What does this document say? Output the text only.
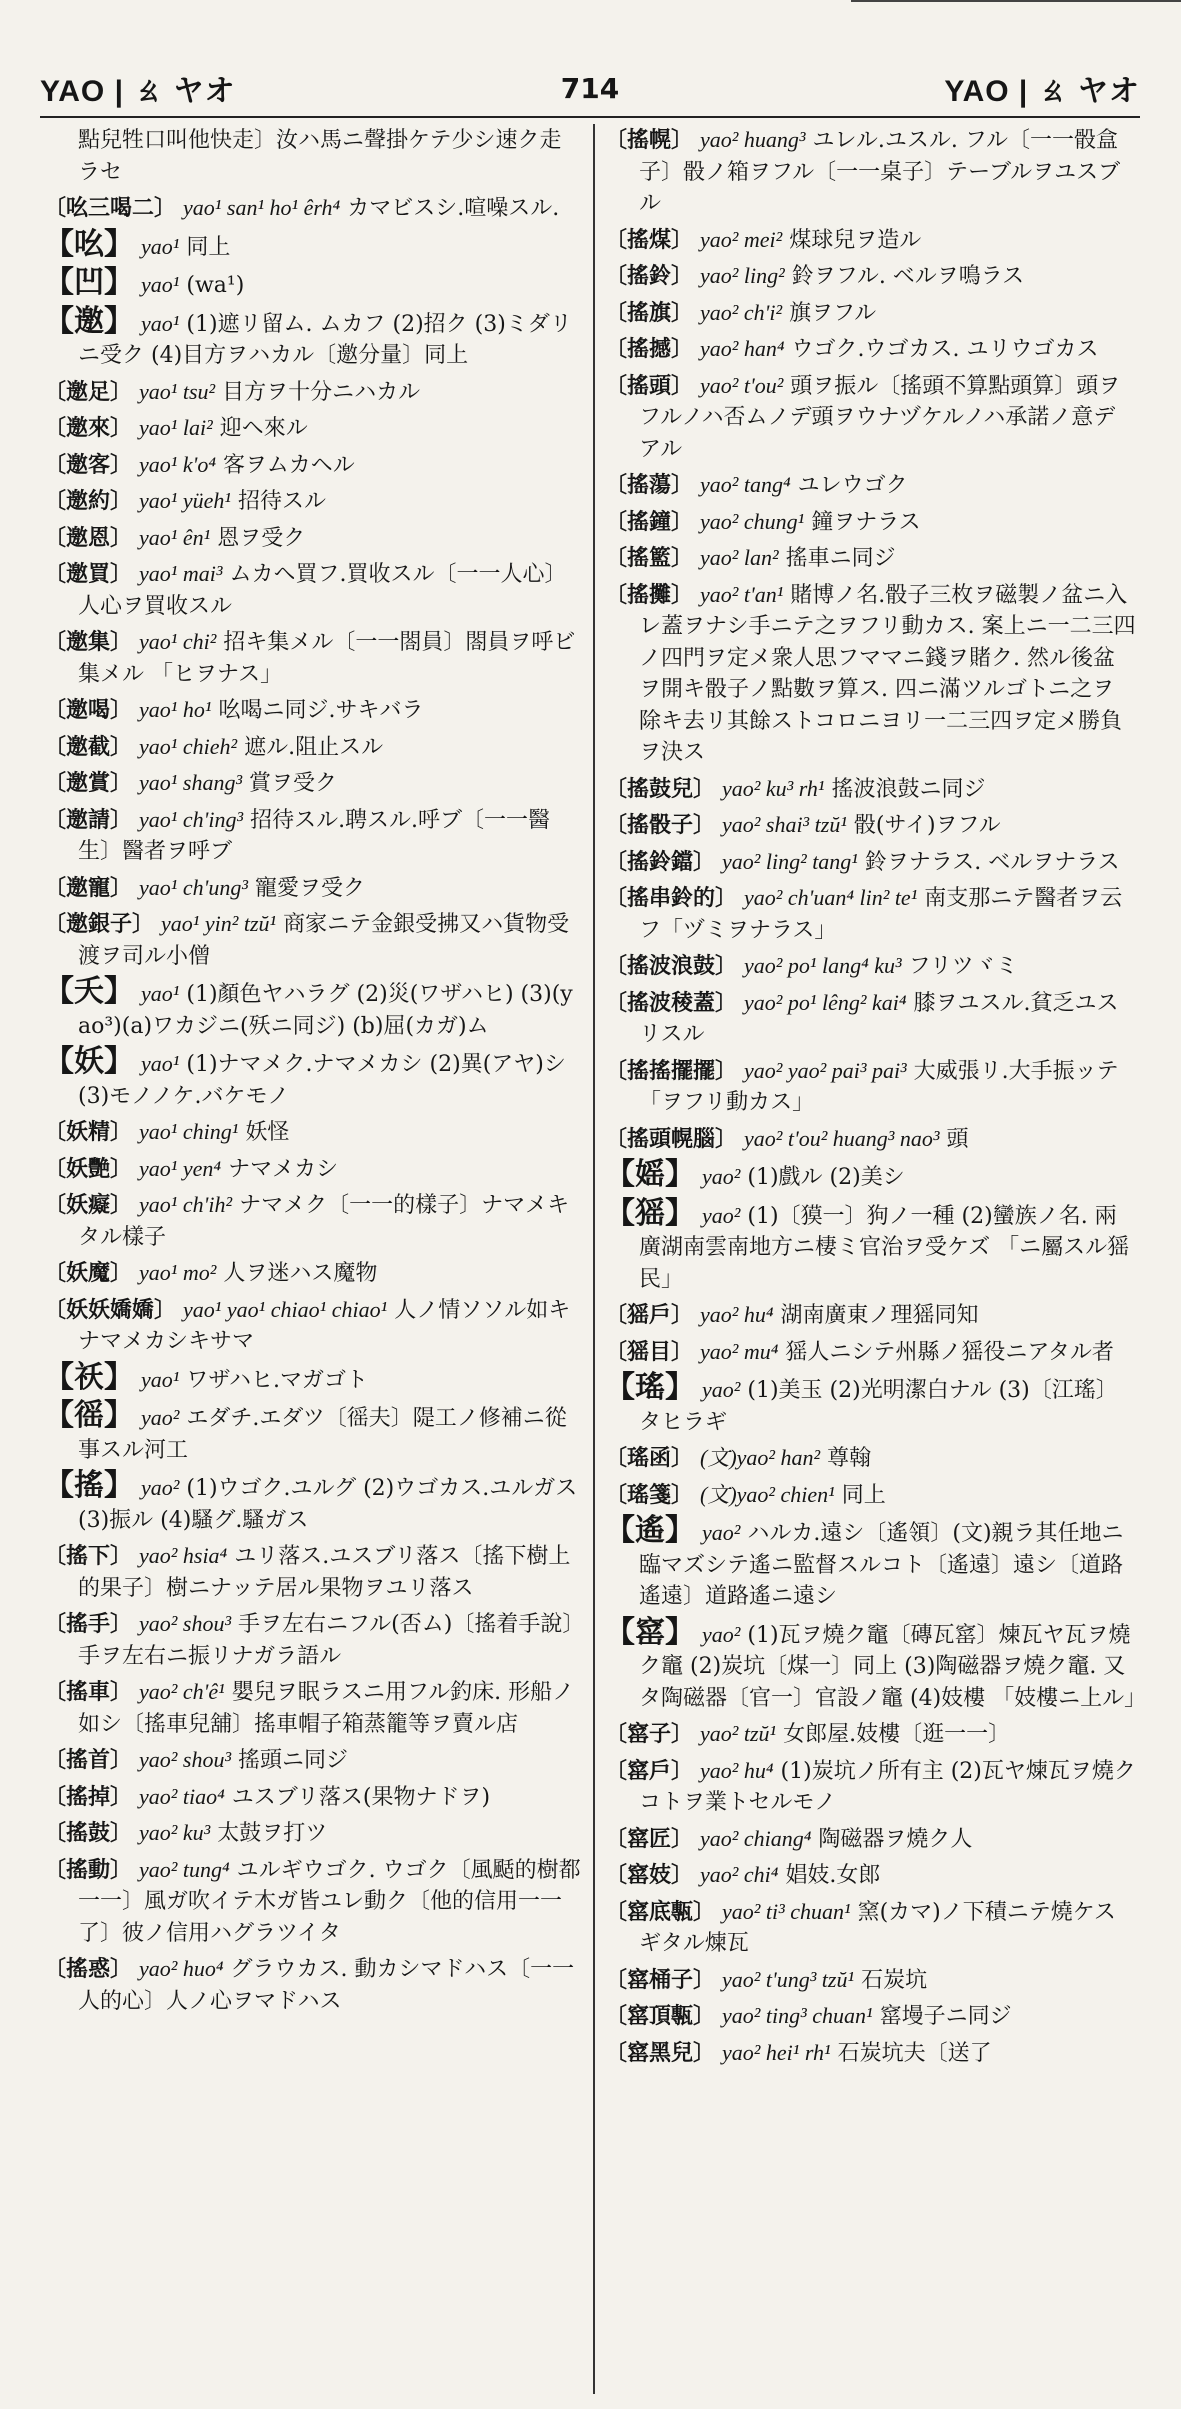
YAO | ㄠ ヤオ	714	YAO | ㄠ ヤオ
點兒牲口叫他快走〕汝ハ馬ニ聲掛ケテ少シ速ク走ラセ
〔吆三喝二〕 yao¹ san¹ ho¹ êrh⁴ カマビスシ.喧噪スル.
【吆】 yao¹ 同上
【凹】 yao¹ (wa¹)
【邀】 yao¹ (1)遮リ留ム. ムカフ (2)招ク (3)ミダリニ受ク (4)目方ヲハカル〔邀分量〕同上
〔邀足〕 yao¹ tsu² 目方ヲ十分ニハカル
〔邀來〕 yao¹ lai² 迎ヘ來ル
〔邀客〕 yao¹ k'o⁴ 客ヲムカヘル
〔邀約〕 yao¹ yüeh¹ 招待スル
〔邀恩〕 yao¹ ên¹ 恩ヲ受ク
〔邀買〕 yao¹ mai³ ムカヘ買フ.買收スル〔一一人心〕人心ヲ買收スル
〔邀集〕 yao¹ chi² 招キ集メル〔一一閤員〕閤員ヲ呼ビ集メル 「ヒヲナス」
〔邀喝〕 yao¹ ho¹ 吆喝ニ同ジ.サキバラ
〔邀截〕 yao¹ chieh² 遮ル.阻止スル
〔邀賞〕 yao¹ shang³ 賞ヲ受ク
〔邀請〕 yao¹ ch'ing³ 招待スル.聘スル.呼ブ〔一一醫生〕醫者ヲ呼ブ
〔邀寵〕 yao¹ ch'ung³ 寵愛ヲ受ク
〔邀銀子〕 yao¹ yin² tzŭ¹ 商家ニテ金銀受拂又ハ貨物受渡ヲ司ル小僧
【夭】 yao¹ (1)顏色ヤハラグ (2)災(ワザハヒ) (3)(yao³)(a)ワカジニ(殀ニ同ジ) (b)屈(カガ)ム
【妖】 yao¹ (1)ナマメク.ナマメカシ (2)異(アヤ)シ (3)モノノケ.バケモノ
〔妖精〕 yao¹ ching¹ 妖怪
〔妖艷〕 yao¹ yen⁴ ナマメカシ
〔妖癡〕 yao¹ ch'ih² ナマメク〔一一的樣子〕ナマメキタル樣子
〔妖魔〕 yao¹ mo² 人ヲ迷ハス魔物
〔妖妖嬌嬌〕 yao¹ yao¹ chiao¹ chiao¹ 人ノ情ソソル如キナマメカシキサマ
【祅】 yao¹ ワザハヒ.マガゴト
【徭】 yao² エダチ.エダツ〔徭夫〕隄工ノ修補ニ從事スル河工
【搖】 yao² (1)ウゴク.ユルグ (2)ウゴカス.ユルガス (3)振ル (4)騷グ.騷ガス
〔搖下〕 yao² hsia⁴ ユリ落ス.ユスブリ落ス〔搖下樹上的果子〕樹ニナッテ居ル果物ヲユリ落ス
〔搖手〕 yao² shou³ 手ヲ左右ニフル(否ム)〔搖着手說〕手ヲ左右ニ振リナガラ語ル
〔搖車〕 yao² ch'ê¹ 嬰兒ヲ眠ラスニ用フル釣床. 形船ノ如シ〔搖車兒舖〕搖車帽子箱蒸籠等ヲ賣ル店
〔搖首〕 yao² shou³ 搖頭ニ同ジ
〔搖掉〕 yao² tiao⁴ ユスブリ落ス(果物ナドヲ)
〔搖鼓〕 yao² ku³ 太鼓ヲ打ツ
〔搖動〕 yao² tung⁴ ユルギウゴク. ウゴク〔風颳的樹都一一〕風ガ吹イテ木ガ皆ユレ動ク〔他的信用一一了〕彼ノ信用ハグラツイタ
〔搖惑〕 yao² huo⁴ グラウカス. 動カシマドハス〔一一人的心〕人ノ心ヲマドハス
〔搖幌〕 yao² huang³ ユレル.ユスル. フル〔一一骰盒子〕骰ノ箱ヲフル〔一一桌子〕テーブルヲユスブル
〔搖煤〕 yao² mei² 煤球兒ヲ造ル
〔搖鈴〕 yao² ling² 鈴ヲフル. ベルヲ鳴ラス
〔搖旗〕 yao² ch'i² 旗ヲフル
〔搖撼〕 yao² han⁴ ウゴク.ウゴカス. ユリウゴカス
〔搖頭〕 yao² t'ou² 頭ヲ振ル〔搖頭不算點頭算〕頭ヲフルノハ否ムノデ頭ヲウナヅケルノハ承諾ノ意デアル
〔搖蕩〕 yao² tang⁴ ユレウゴク
〔搖鐘〕 yao² chung¹ 鐘ヲナラス
〔搖籃〕 yao² lan² 搖車ニ同ジ
〔搖攤〕 yao² t'an¹ 賭博ノ名.骰子三枚ヲ磁製ノ盆ニ入レ蓋ヲナシ手ニテ之ヲフリ動カス. 案上ニ一二三四ノ四門ヲ定メ衆人思フママニ錢ヲ賭ク. 然ル後盆ヲ開キ骰子ノ點數ヲ算ス. 四ニ滿ツルゴトニ之ヲ除キ去リ其餘ストコロニヨリ一二三四ヲ定メ勝負ヲ決ス
〔搖鼓兒〕 yao² ku³ rh¹ 搖波浪鼓ニ同ジ
〔搖骰子〕 yao² shai³ tzŭ¹ 骰(サイ)ヲフル
〔搖鈴鐺〕 yao² ling² tang¹ 鈴ヲナラス. ベルヲナラス
〔搖串鈴的〕 yao² ch'uan⁴ lin² te¹ 南支那ニテ醫者ヲ云フ「ヅミヲナラス」
〔搖波浪鼓〕 yao² po¹ lang⁴ ku³ フリツヾミ
〔搖波稜蓋〕 yao² po¹ lêng² kai⁴ 膝ヲユスル.貧乏ユスリスル
〔搖搖擺擺〕 yao² yao² pai³ pai³ 大威張リ.大手振ッテ 「ヲフリ動カス」
〔搖頭幌腦〕 yao² t'ou² huang³ nao³ 頭
【媱】 yao² (1)戲ル (2)美シ
【猺】 yao² (1)〔獏一〕狗ノ一種 (2)蠻族ノ名. 兩廣湖南雲南地方ニ棲ミ官治ヲ受ケズ 「ニ屬スル猺民」
〔猺戶〕 yao² hu⁴ 湖南廣東ノ理猺同知
〔猺目〕 yao² mu⁴ 猺人ニシテ州縣ノ猺役ニアタル者
【瑤】 yao² (1)美玉 (2)光明潔白ナル (3)〔江瑤〕タヒラギ
〔瑤函〕 (文)yao² han² 尊翰
〔瑤箋〕 (文)yao² chien¹ 同上
【遙】 yao² ハルカ.遠シ〔遙領〕(文)親ラ其任地ニ臨マズシテ遙ニ監督スルコト〔遙遠〕遠シ〔道路遙遠〕道路遙ニ遠シ
【窰】 yao² (1)瓦ヲ燒ク竈〔磚瓦窰〕煉瓦ヤ瓦ヲ燒ク竈 (2)炭坑〔煤一〕同上 (3)陶磁器ヲ燒ク竈. 又タ陶磁器〔官一〕官設ノ竈 (4)妓樓 「妓樓ニ上ル」
〔窰子〕 yao² tzŭ¹ 女郎屋.妓樓〔逛一一〕
〔窰戶〕 yao² hu⁴ (1)炭坑ノ所有主 (2)瓦ヤ煉瓦ヲ燒クコトヲ業トセルモノ
〔窰匠〕 yao² chiang⁴ 陶磁器ヲ燒ク人
〔窰妓〕 yao² chi⁴ 娼妓.女郎
〔窰底甎〕 yao² ti³ chuan¹ 窯(カマ)ノ下積ニテ燒ケスギタル煉瓦
〔窰桶子〕 yao² t'ung³ tzŭ¹ 石炭坑
〔窰頂甎〕 yao² ting³ chuan¹ 窰墁子ニ同ジ
〔窰黑兒〕 yao² hei¹ rh¹ 石炭坑夫〔送了
